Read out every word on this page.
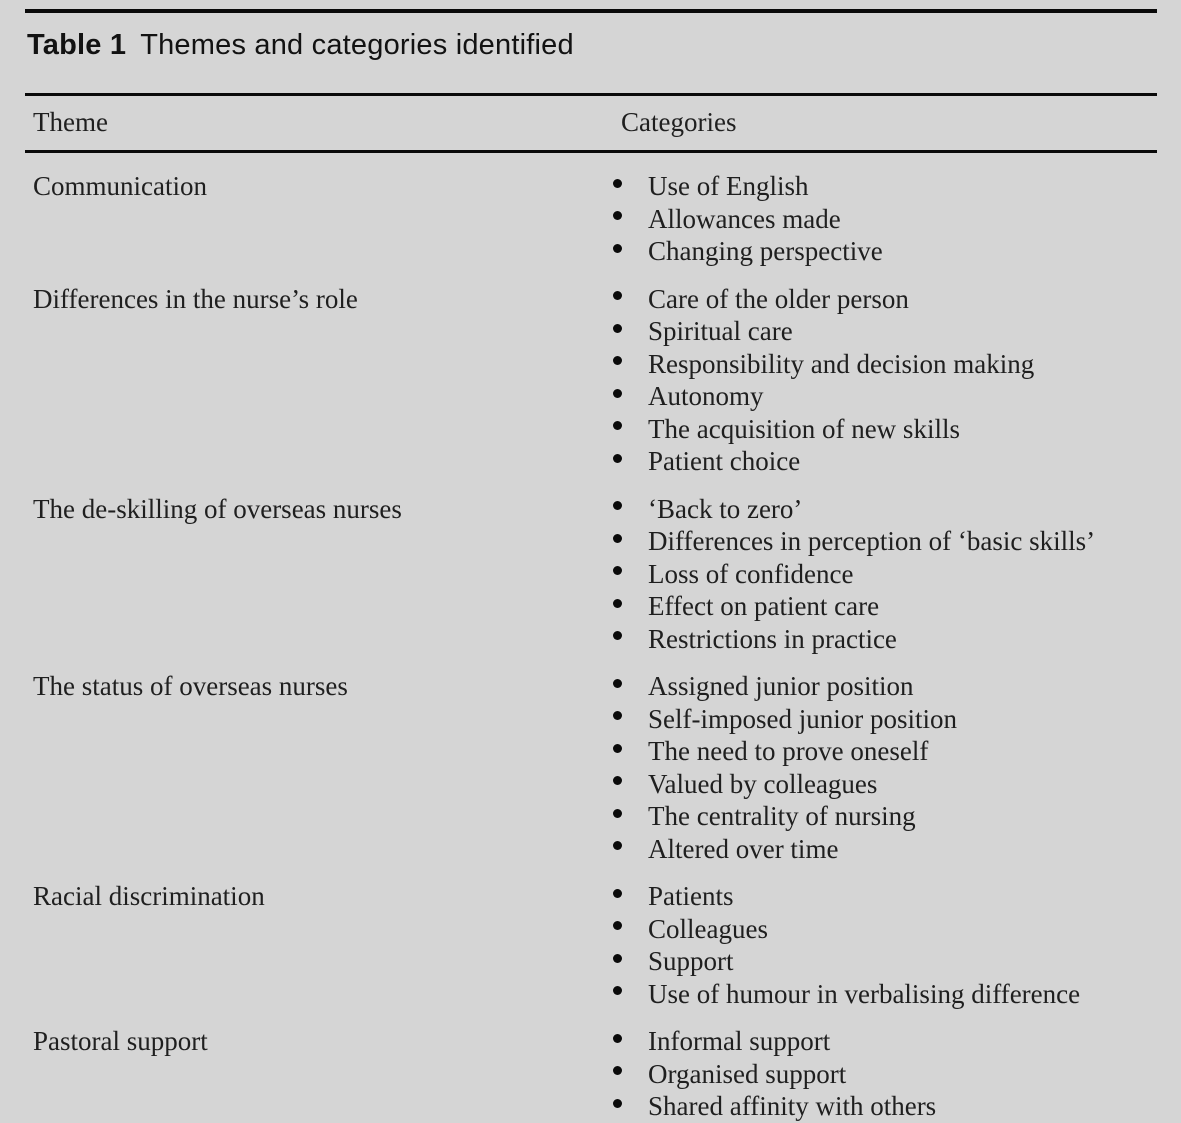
Table 1 Themes and categories identified
Theme	Categories
Communication	Use of English
Allowances made
Changing perspective
Differences in the nurse’s role	Care of the older person
Spiritual care
Responsibility and decision making
Autonomy
The acquisition of new skills
Patient choice
The de-skilling of overseas nurses	‘Back to zero’
Differences in perception of ‘basic skills’
Loss of confidence
Effect on patient care
Restrictions in practice
The status of overseas nurses	Assigned junior position
Self-imposed junior position
The need to prove oneself
Valued by colleagues
The centrality of nursing
Altered over time
Racial discrimination	Patients
Colleagues
Support
Use of humour in verbalising difference
Pastoral support	Informal support
Organised support
Shared affinity with others
